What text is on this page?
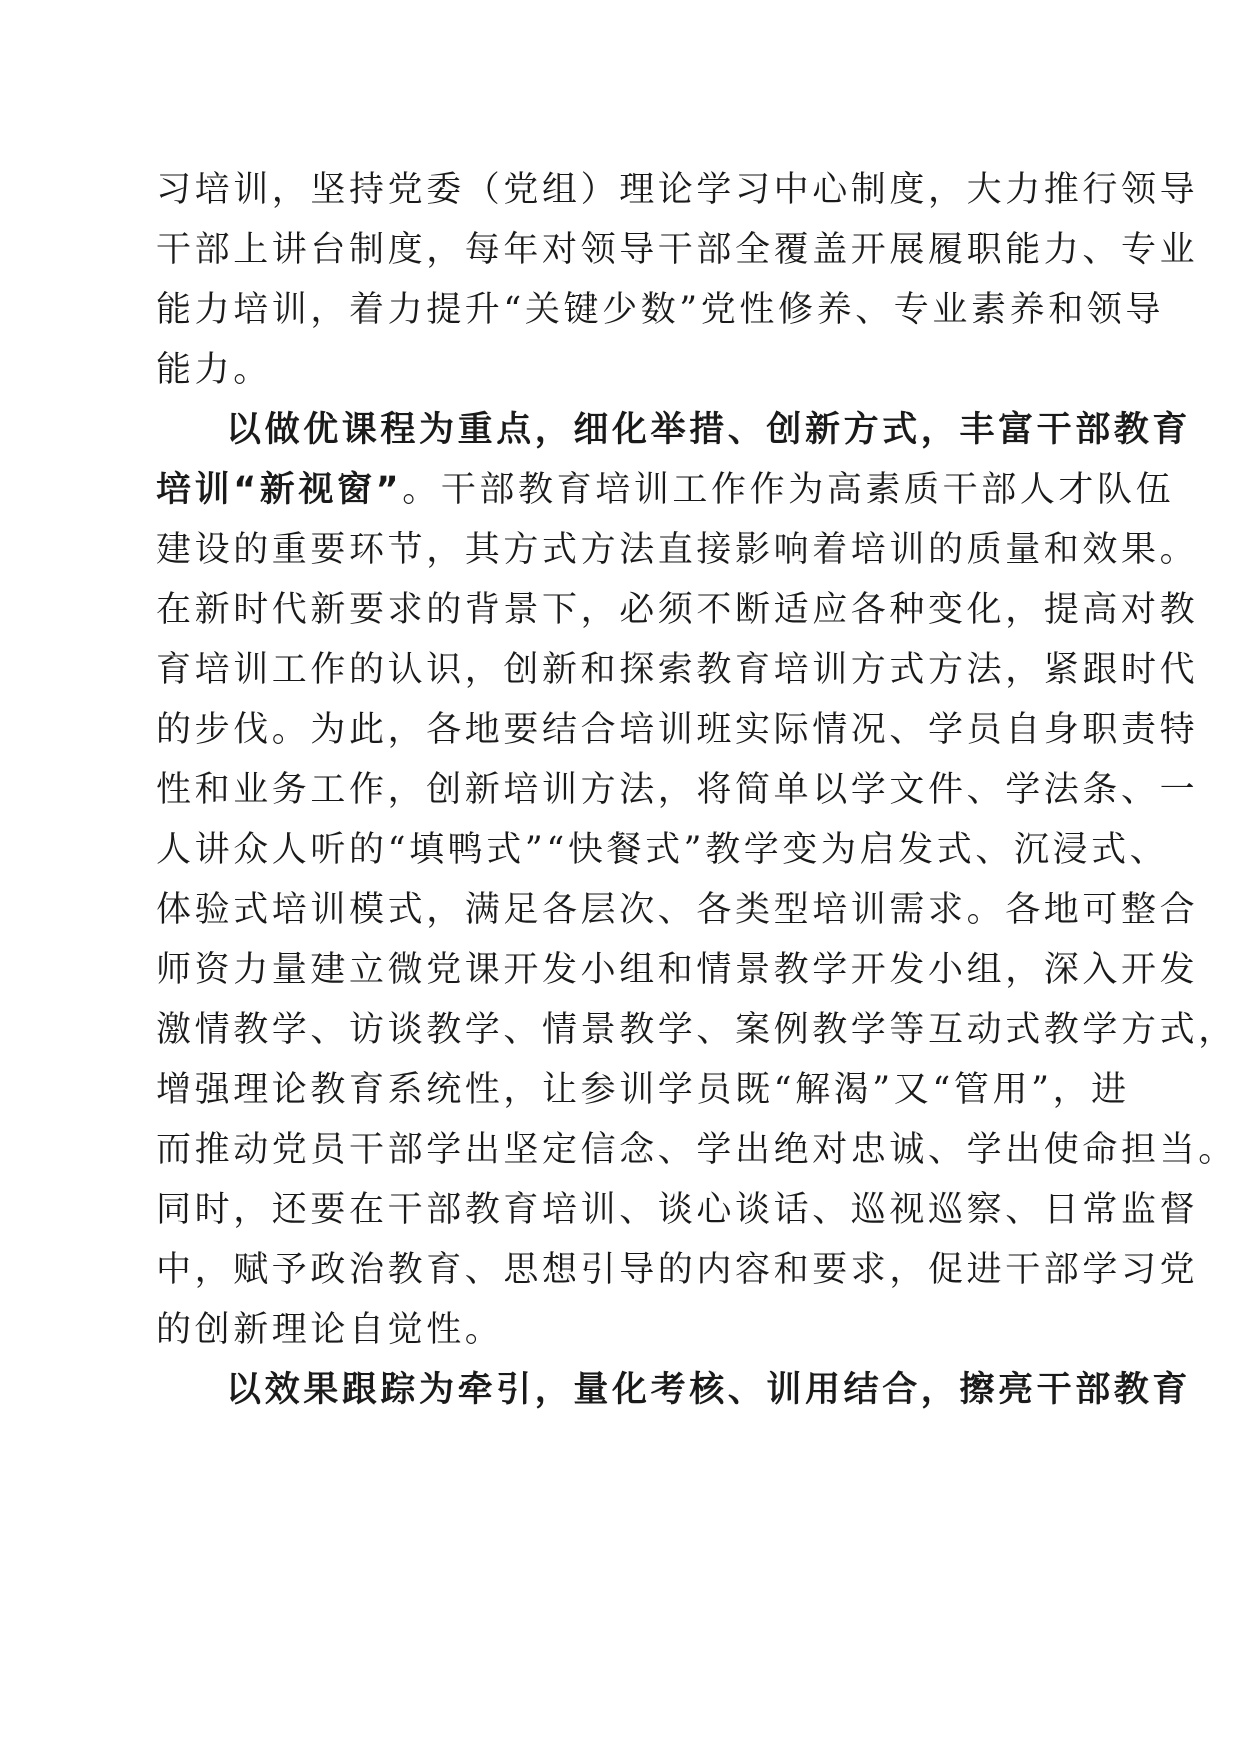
习培训，坚持党委（党组）理论学习中心制度，大力推行领导
干部上讲台制度，每年对领导干部全覆盖开展履职能力、专业
能力培训，着力提升“关键少数”党性修养、专业素养和领导
能力。
以做优课程为重点，细化举措、创新方式，丰富干部教育
培训“新视窗”。干部教育培训工作作为高素质干部人才队伍
建设的重要环节，其方式方法直接影响着培训的质量和效果。
在新时代新要求的背景下，必须不断适应各种变化，提高对教
育培训工作的认识，创新和探索教育培训方式方法，紧跟时代
的步伐。为此，各地要结合培训班实际情况、学员自身职责特
性和业务工作，创新培训方法，将简单以学文件、学法条、一
人讲众人听的“填鸭式”“快餐式”教学变为启发式、沉浸式、
体验式培训模式，满足各层次、各类型培训需求。各地可整合
师资力量建立微党课开发小组和情景教学开发小组，深入开发
激情教学、访谈教学、情景教学、案例教学等互动式教学方式，
增强理论教育系统性，让参训学员既“解渴”又“管用”，进
而推动党员干部学出坚定信念、学出绝对忠诚、学出使命担当。
同时，还要在干部教育培训、谈心谈话、巡视巡察、日常监督
中，赋予政治教育、思想引导的内容和要求，促进干部学习党
的创新理论自觉性。
以效果跟踪为牵引，量化考核、训用结合，擦亮干部教育
